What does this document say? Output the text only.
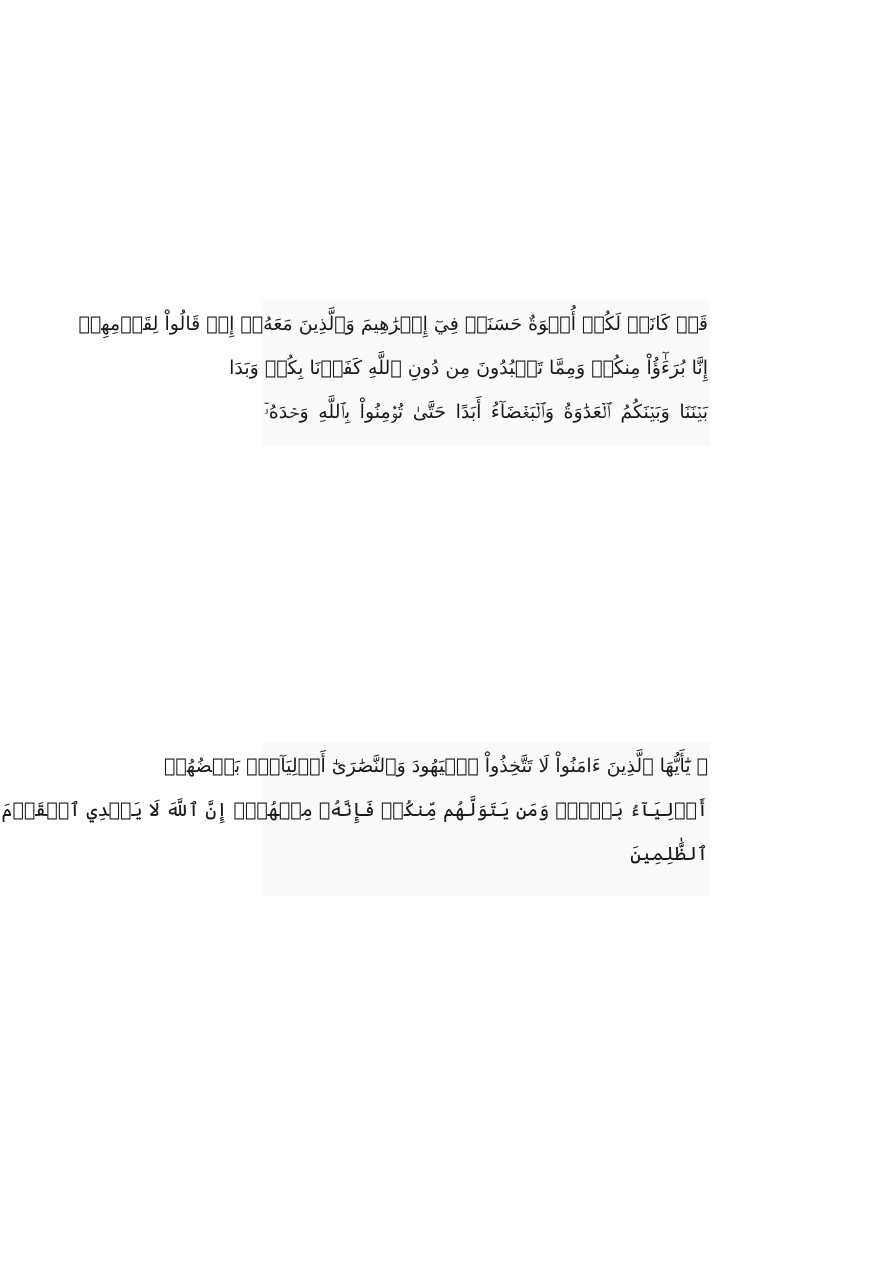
قَدۡ كَانَتۡ لَكُمۡ أُسۡوَةٌ حَسَنَةٞ فِيٓ إِبۡرَٰهِيمَ وَٱلَّذِينَ مَعَهُۥٓ إِذۡ قَالُواْ لِقَوۡمِهِمۡ
إِنَّا بُرَءَٰٓؤُاْ مِنكُمۡ وَمِمَّا تَعۡبُدُونَ مِن دُونِ ٱللَّهِ كَفَرۡنَا بِكُمۡ وَبَدَا
بَيۡنَنَا وَبَيۡنَكُمُ ٱلۡعَدَٰوَةُ وَٱلۡبَغۡضَآءُ أَبَدًا حَتَّىٰ تُؤۡمِنُواْ بِٱللَّهِ وَحۡدَهُۥٓ
۞ يَٰٓأَيُّهَا ٱلَّذِينَ ءَامَنُواْ لَا تَتَّخِذُواْ ٱلۡيَهُودَ وَٱلنَّصَٰرَىٰٓ أَوۡلِيَآءَۘ بَعۡضُهُمۡ
أَوۡلِيَآءُ بَعۡضٖۚ وَمَن يَتَوَلَّهُم مِّنكُمۡ فَإِنَّهُۥ مِنۡهُمۡۗ إِنَّ ٱللَّهَ لَا يَهۡدِي ٱلۡقَوۡمَ
ٱلظَّٰلِمِينَ
